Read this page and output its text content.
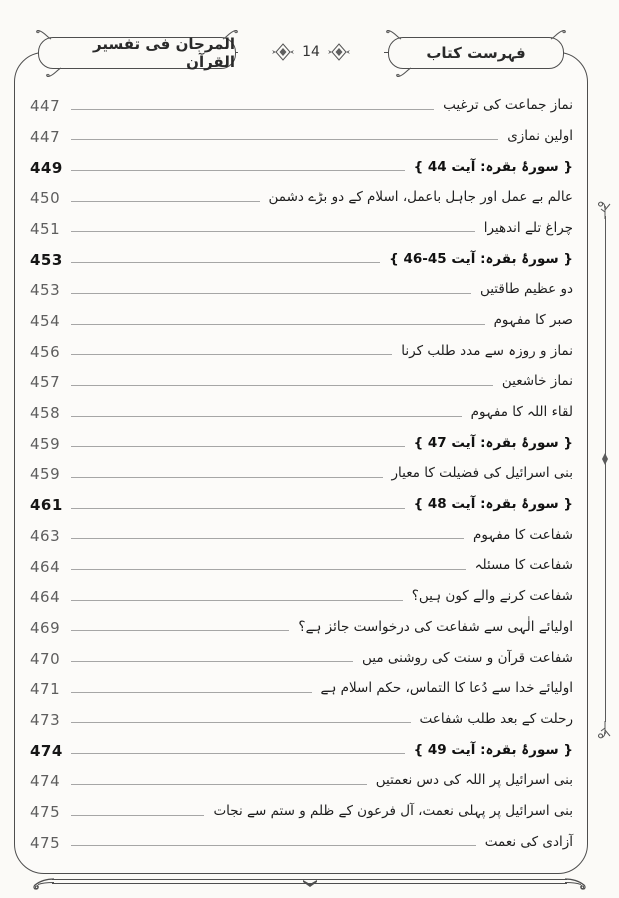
المرجان فی تفسیر القرآن
14	فہرست کتاب
447	نماز جماعت کی ترغیب
447	اولین نمازی
449	{ سورۂ بقرہ: آیت 44 }
450	عالم بے عمل اور جاہل باعمل، اسلام کے دو بڑے دشمن
451	چراغ تلے اندھیرا
453	{ سورۂ بقرہ: آیت 45-46 }
453	دو عظیم طاقتیں
454	صبر کا مفہوم
456	نماز و روزہ سے مدد طلب کرنا
457	نماز خاشعین
458	لقاء اللہ کا مفہوم
459	{ سورۂ بقرہ: آیت 47 }
459	بنی اسرائیل کی فضیلت کا معیار
461	{ سورۂ بقرہ: آیت 48 }
463	شفاعت کا مفہوم
464	شفاعت کا مسئلہ
464	شفاعت کرنے والے کون ہیں؟
469	اولیائے الٰہی سے شفاعت کی درخواست جائز ہے؟
470	شفاعت قرآن و سنت کی روشنی میں
471	اولیائے خدا سے دُعا کا التماس، حکم اسلام ہے
473	رحلت کے بعد طلب شفاعت
474	{ سورۂ بقرہ: آیت 49 }
474	بنی اسرائیل پر اللہ کی دس نعمتیں
475	بنی اسرائیل پر پہلی نعمت، آل فرعون کے ظلم و ستم سے نجات
475	آزادی کی نعمت
